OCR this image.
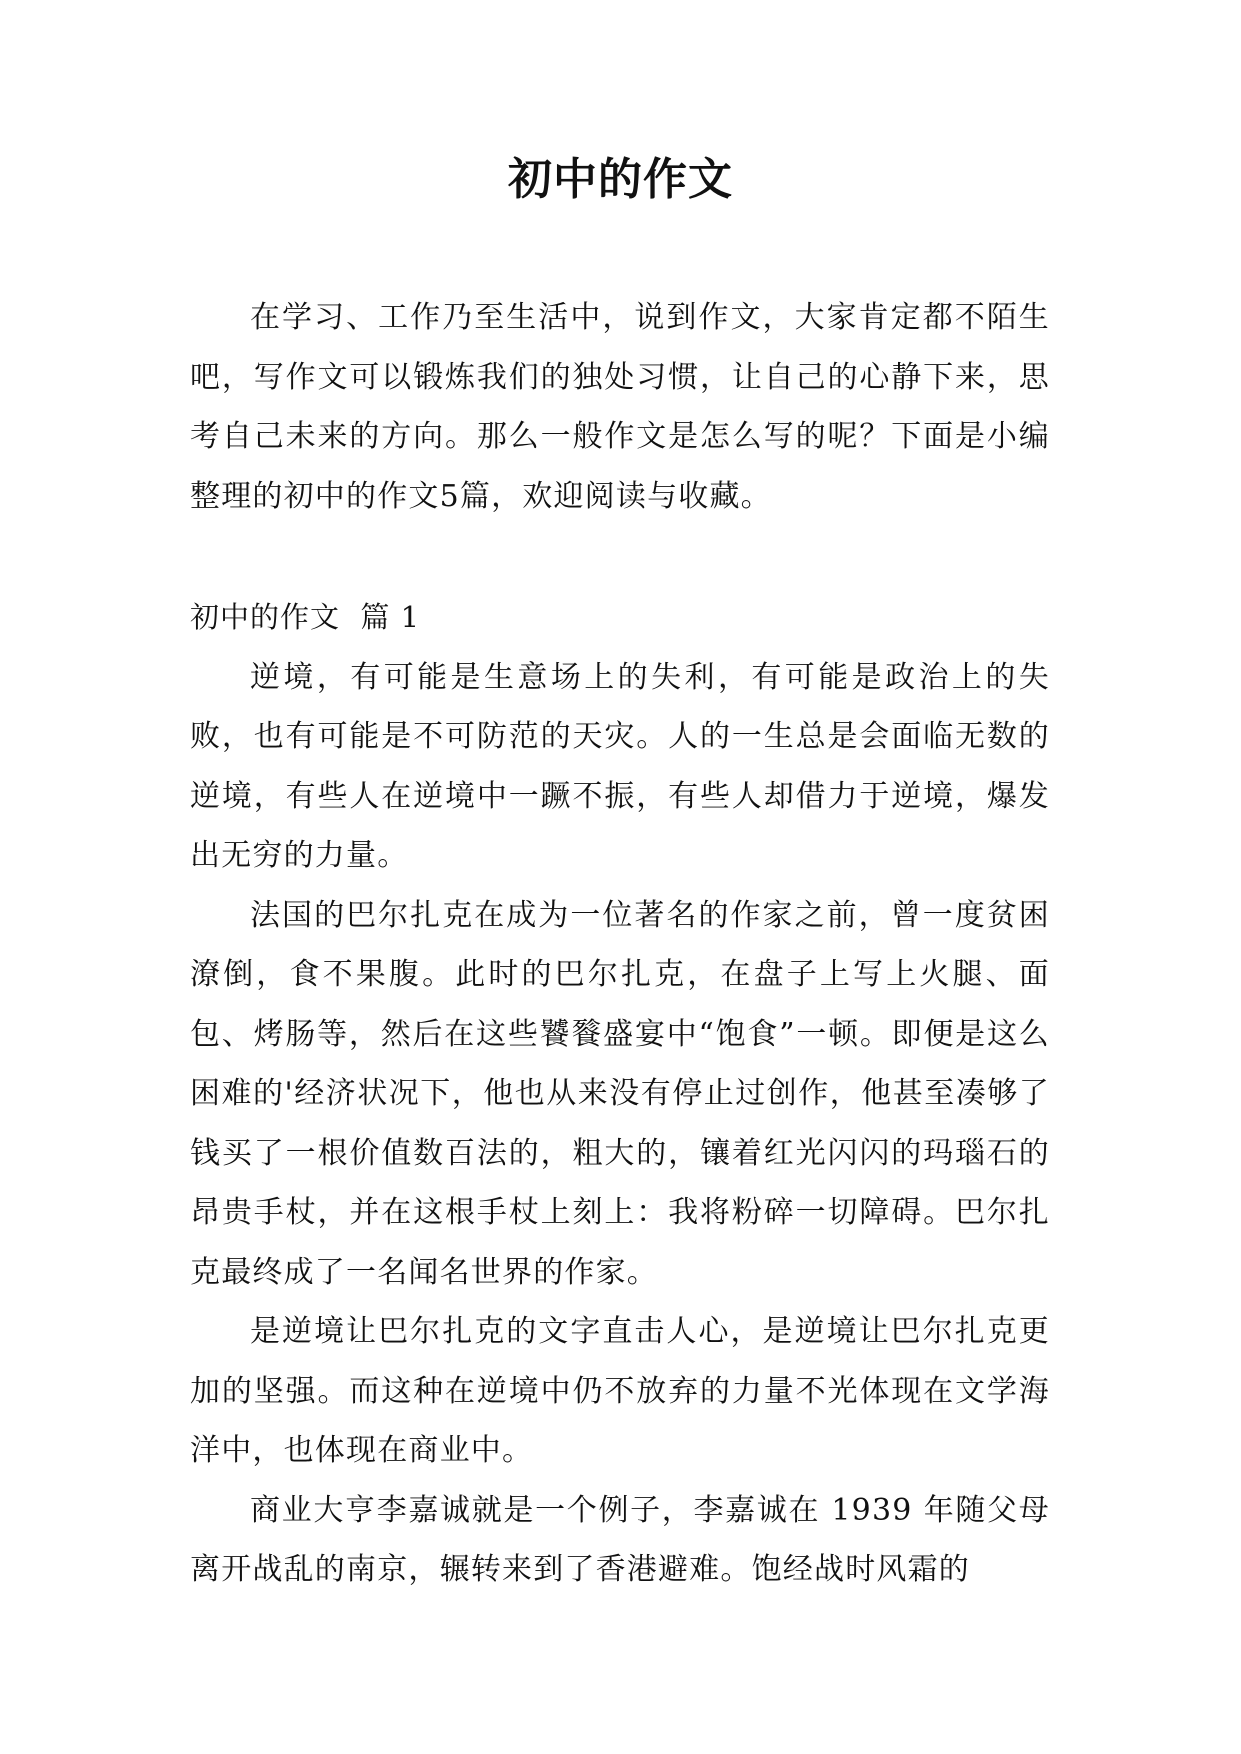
初中的作文

在学习、工作乃至生活中，说到作文，大家肯定都不陌生吧，写作文可以锻炼我们的独处习惯，让自己的心静下来，思考自己未来的方向。那么一般作文是怎么写的呢？下面是小编整理的初中的作文5篇，欢迎阅读与收藏。

初中的作文  篇 1

逆境，有可能是生意场上的失利，有可能是政治上的失败，也有可能是不可防范的天灾。人的一生总是会面临无数的逆境，有些人在逆境中一蹶不振，有些人却借力于逆境，爆发出无穷的力量。

法国的巴尔扎克在成为一位著名的作家之前，曾一度贫困潦倒，食不果腹。此时的巴尔扎克，在盘子上写上火腿、面包、烤肠等，然后在这些饕餮盛宴中“饱食”一顿。即便是这么困难的'经济状况下，他也从来没有停止过创作，他甚至凑够了钱买了一根价值数百法的，粗大的，镶着红光闪闪的玛瑙石的昂贵手杖，并在这根手杖上刻上：我将粉碎一切障碍。巴尔扎克最终成了一名闻名世界的作家。

是逆境让巴尔扎克的文字直击人心，是逆境让巴尔扎克更加的坚强。而这种在逆境中仍不放弃的力量不光体现在文学海洋中，也体现在商业中。

商业大亨李嘉诚就是一个例子，李嘉诚在 1939 年随父母离开战乱的南京，辗转来到了香港避难。饱经战时风霜的
